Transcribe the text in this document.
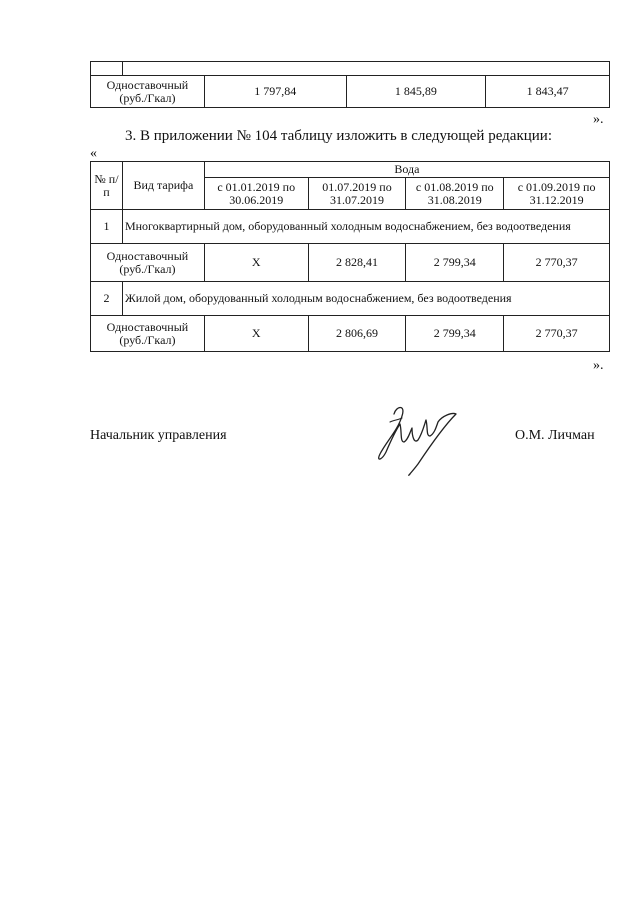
Одноставочный (руб./Гкал)		1 797,84	1 845,89	1 843,47
».
3. В приложении № 104 таблицу изложить в следующей редакции:
«
№ п/п	Вид тарифа	Вода			
		с 01.01.2019 по 30.06.2019	01.07.2019 по 31.07.2019	с 01.08.2019 по 31.08.2019	с 01.09.2019 по 31.12.2019
1	Многоквартирный дом, оборудованный холодным водоснабжением, без водоотведения				
Одноставочный (руб./Гкал)		Х	2 828,41	2 799,34	2 770,37
2	Жилой дом, оборудованный холодным водоснабжением, без водоотведения				
Одноставочный (руб./Гкал)		Х	2 806,69	2 799,34	2 770,37
».
Начальник управления	О.М. Личман
